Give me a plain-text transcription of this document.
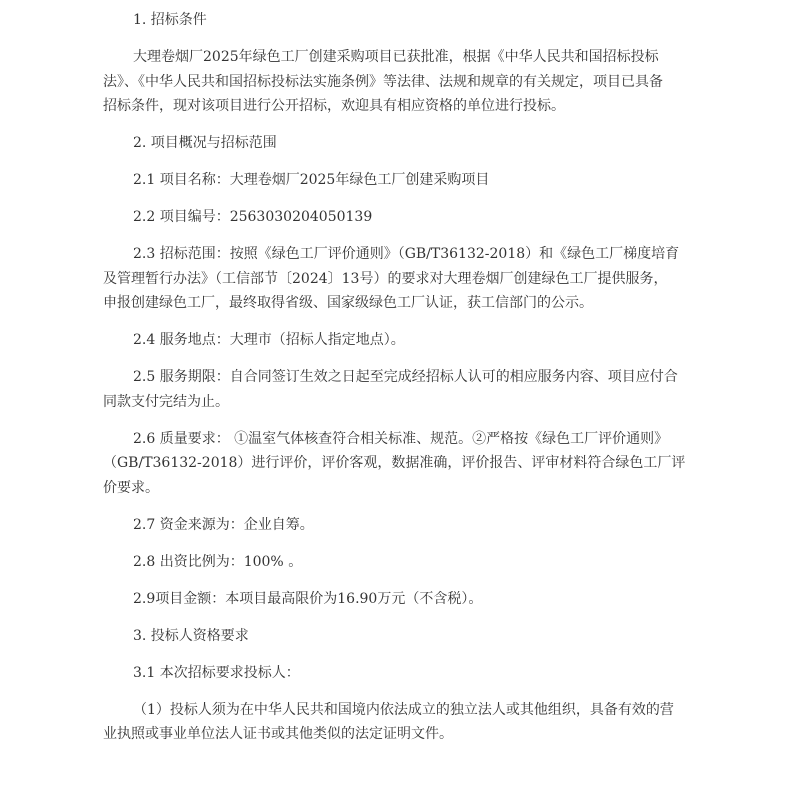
1. 招标条件
大理卷烟厂2025年绿色工厂创建采购项目已获批准，根据《中华人民共和国招标投标
法》、《中华人民共和国招标投标法实施条例》等法律、法规和规章的有关规定，项目已具备
招标条件，现对该项目进行公开招标，欢迎具有相应资格的单位进行投标。
2. 项目概况与招标范围
2.1 项目名称：大理卷烟厂2025年绿色工厂创建采购项目
2.2 项目编号：2563030204050139
2.3 招标范围：按照《绿色工厂评价通则》（GB/T36132-2018）和《绿色工厂梯度培育
及管理暂行办法》（工信部节〔2024〕13号）的要求对大理卷烟厂创建绿色工厂提供服务，
申报创建绿色工厂，最终取得省级、国家级绿色工厂认证，获工信部门的公示。
2.4 服务地点：大理市（招标人指定地点）。
2.5 服务期限：自合同签订生效之日起至完成经招标人认可的相应服务内容、项目应付合
同款支付完结为止。
2.6 质量要求： ①温室气体核查符合相关标准、规范。②严格按《绿色工厂评价通则》
（GB/T36132-2018）进行评价，评价客观，数据准确，评价报告、评审材料符合绿色工厂评
价要求。
2.7 资金来源为：企业自筹。
2.8 出资比例为：100% 。
2.9项目金额：本项目最高限价为16.90万元（不含税）。
3. 投标人资格要求
3.1 本次招标要求投标人：
（1）投标人须为在中华人民共和国境内依法成立的独立法人或其他组织，具备有效的营
业执照或事业单位法人证书或其他类似的法定证明文件。
